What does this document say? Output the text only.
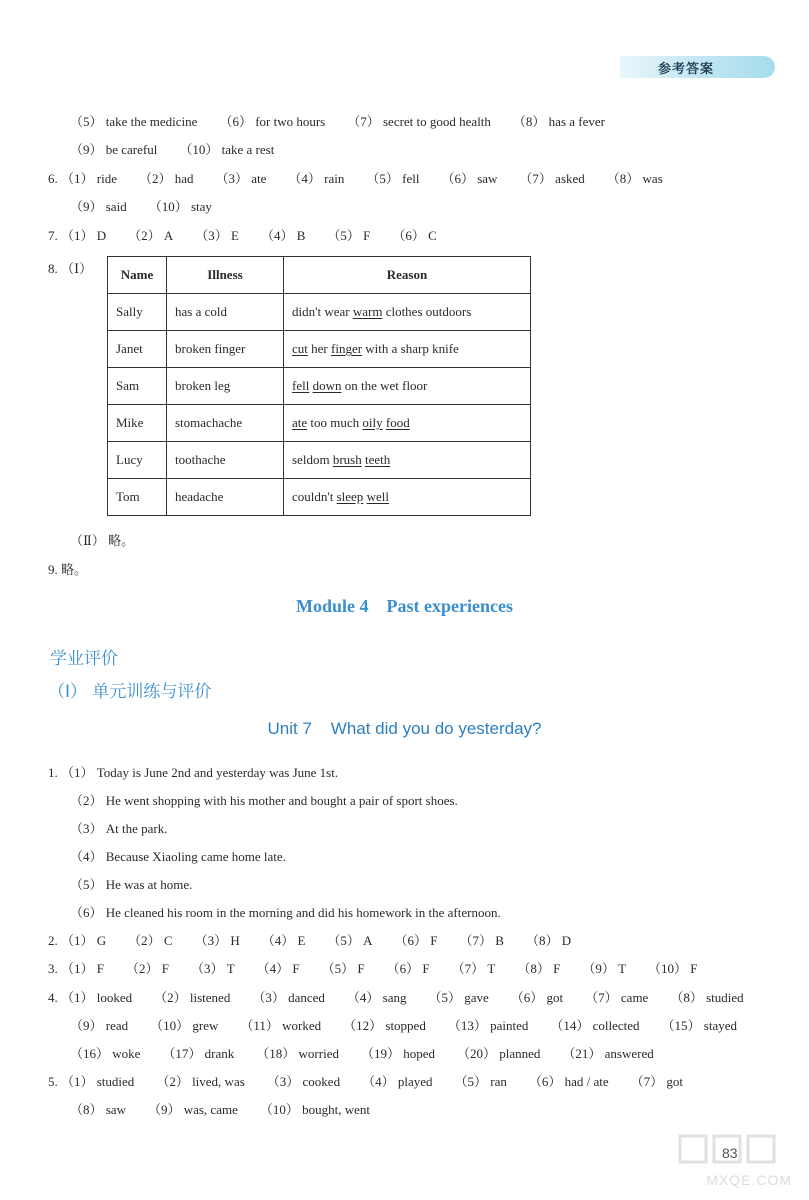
参考答案
（5） take the medicine （6） for two hours （7） secret to good health （8） has a fever
（9） be careful （10） take a rest
6. （1） ride （2） had （3） ate （4） rain （5） fell （6） saw （7） asked （8） was
（9） said （10） stay
7. （1） D （2） A （3） E （4） B （5） F （6） C
8. （Ⅰ） Name	Illness	Reason
Sally	has a cold	didn't wear warm clothes outdoors
Janet	broken finger	cut her finger with a sharp knife
Sam	broken leg	fell down on the wet floor
Mike	stomachache	ate too much oily food
Lucy	toothache	seldom brush teeth
Tom	headache	couldn't sleep well
（Ⅱ） 略。
9. 略。
Module 4    Past experiences
学业评价
（Ⅰ） 单元训练与评价
Unit 7    What did you do yesterday?
1. （1） Today is June 2nd and yesterday was June 1st.
（2） He went shopping with his mother and bought a pair of sport shoes.
（3） At the park.
（4） Because Xiaoling came home late.
（5） He was at home.
（6） He cleaned his room in the morning and did his homework in the afternoon.
2. （1） G （2） C （3） H （4） E （5） A （6） F （7） B （8） D
3. （1） F （2） F （3） T （4） F （5） F （6） F （7） T （8） F （9） T （10） F
4. （1） looked （2） listened （3） danced （4） sang （5） gave （6） got （7） came （8） studied
（9） read （10） grew （11） worked （12） stopped （13） painted （14） collected （15） stayed
（16） woke （17） drank （18） worried （19） hoped （20） planned （21） answered
5. （1） studied （2） lived, was （3） cooked （4） played （5） ran （6） had / ate （7） got
（8） saw （9） was, came （10） bought, went
83
MXQE.COM
